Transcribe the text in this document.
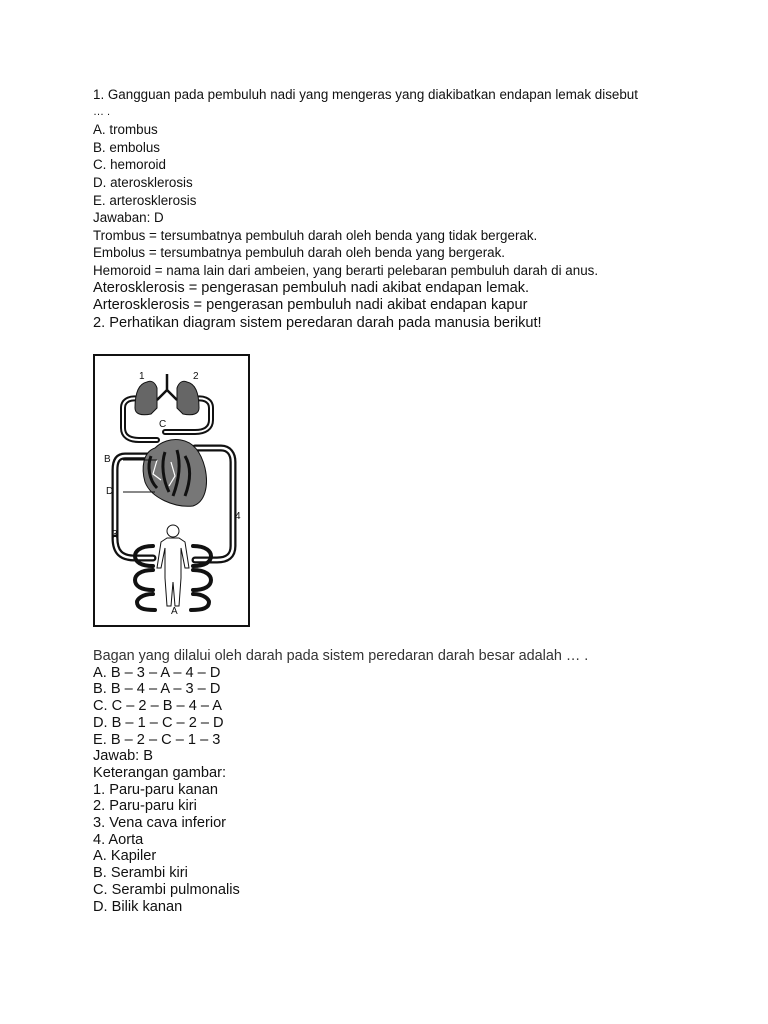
1. Gangguan pada pembuluh nadi yang mengeras yang diakibatkan endapan lemak disebut

… .

A. trombus

B. embolus

C. hemoroid

D. aterosklerosis

E. arterosklerosis

Jawaban: D

Trombus = tersumbatnya pembuluh darah oleh benda yang tidak bergerak.

Embolus = tersumbatnya pembuluh darah oleh benda yang bergerak.

Hemoroid = nama lain dari ambeien, yang berarti pelebaran pembuluh darah di anus.

Aterosklerosis = pengerasan pembuluh nadi akibat endapan lemak.

Arterosklerosis = pengerasan pembuluh nadi akibat endapan kapur

2. Perhatikan diagram sistem peredaran darah pada manusia berikut!

1	2
C
B
D
4
3
A

Bagan yang dilalui oleh darah pada sistem peredaran darah besar adalah … .

A. B – 3 – A – 4 – D

B. B – 4 – A – 3 – D

C. C – 2 – B – 4 – A

D. B – 1 – C – 2 – D

E. B – 2 – C – 1 – 3

Jawab: B

Keterangan gambar:

1. Paru-paru kanan

2. Paru-paru kiri

3. Vena cava inferior

4. Aorta

A. Kapiler

B. Serambi kiri

C. Serambi pulmonalis

D. Bilik kanan
